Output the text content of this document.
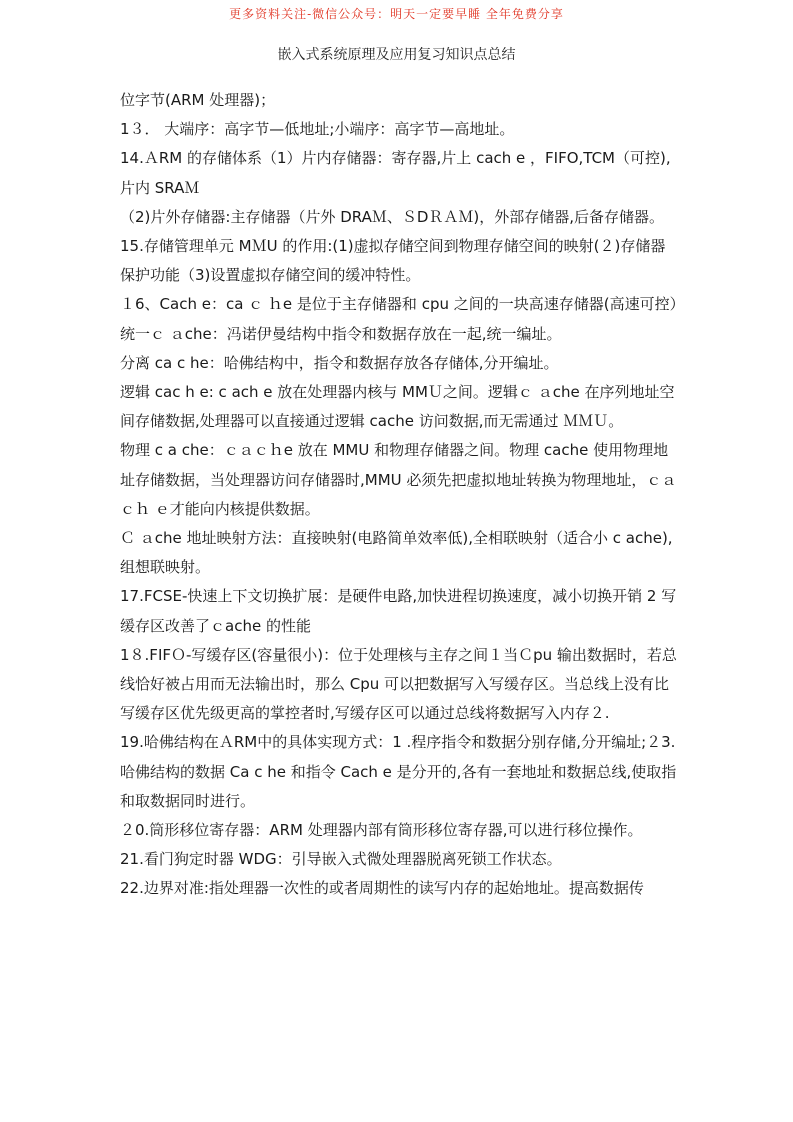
更多资料关注-微信公众号：明天一定要早睡 全年免费分享
嵌入式系统原理及应用复习知识点总结

位字节(ARM 处理器)；

1３． 大端序：高字节—低地址;小端序：高字节—高地址。

14.ＡRM 的存储体系（1）片内存储器：寄存器,片上 cach e ，FIFO,TCM（可控),片内 SRAＭ

（2)片外存储器:主存储器（片外 DRAＭ、ＳDＲＡＭ)，外部存储器,后备存储器。

15.存储管理单元 MＭU 的作用:(1)虚拟存储空间到物理存储空间的映射(２)存储器保护功能（3)设置虚拟存储空间的缓冲特性。

１6、Cach e：ca ｃ ｈe 是位于主存储器和 cpu 之间的一块高速存储器(高速可控）

统一ｃ ａche：冯诺伊曼结构中指令和数据存放在一起,统一编址。

分离 ca c he：哈佛结构中，指令和数据存放各存储体,分开编址。

逻辑 cac h e: c ach e 放在处理器内核与 MMＵ之间。逻辑ｃ ａche 在序列地址空间存储数据,处理器可以直接通过逻辑 cache 访问数据,而无需通过 ＭＭＵ。

物理 c a che：ｃａｃｈe 放在 MMU 和物理存储器之间。物理 cache 使用物理地址存储数据，当处理器访问存储器时,MMU 必须先把虚拟地址转换为物理地址，ｃａｃｈ ｅ才能向内核提供数据。

Ｃ ａche 地址映射方法：直接映射(电路简单效率低),全相联映射（适合小 c ache),组想联映射。

17.FCSE-快速上下文切换扩展：是硬件电路,加快进程切换速度，减小切换开销 2 写缓存区改善了ｃache 的性能

1８.FIFＯ-写缓存区(容量很小)：位于处理核与主存之间１当Ｃpu 输出数据时，若总线恰好被占用而无法输出时，那么 Cpu 可以把数据写入写缓存区。当总线上没有比写缓存区优先级更高的掌控者时,写缓存区可以通过总线将数据写入内存２.

19.哈佛结构在ＡRM中的具体实现方式：1 .程序指令和数据分别存储,分开编址;２3.哈佛结构的数据 Ca c he 和指令 Cach e 是分开的,各有一套地址和数据总线,使取指和取数据同时进行。

２0.筒形移位寄存器：ARM 处理器内部有筒形移位寄存器,可以进行移位操作。

21.看门狗定时器 WDG：引导嵌入式微处理器脱离死锁工作状态。

22.边界对准:指处理器一次性的或者周期性的读写内存的起始地址。提高数据传
